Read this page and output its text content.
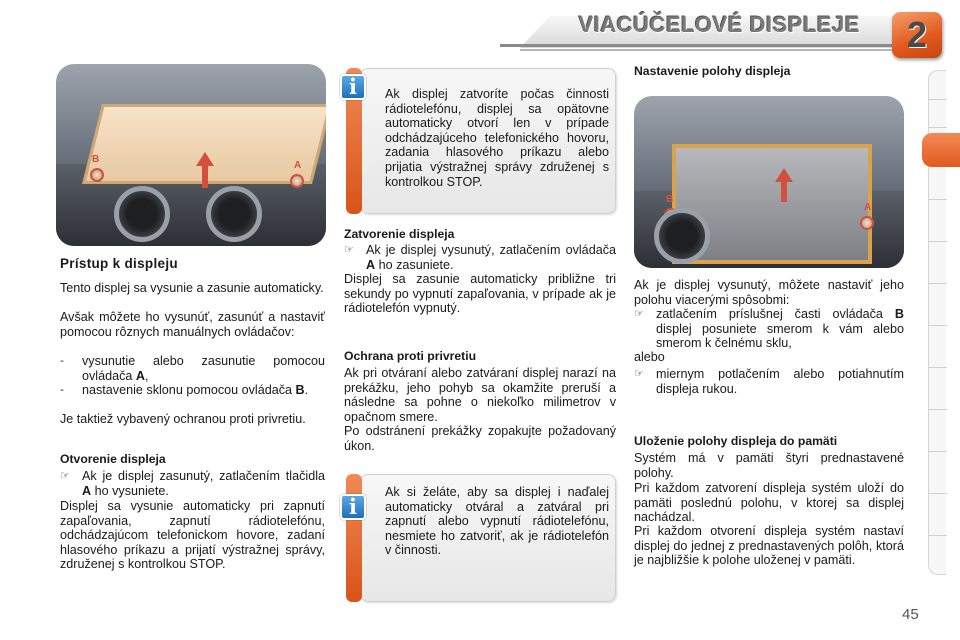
VIACÚČELOVÉ DISPLEJE	2
B
A
B
A
Prístup k displeju
Tento displej sa vysunie a zasunie automaticky.
Avšak môžete ho vysunúť, zasunúť a nastaviť pomocou rôznych manuálnych ovládačov:
-	vysunutie alebo zasunutie pomocou ovládača A,
-	nastavenie sklonu pomocou ovládača B.
Je taktiež vybavený ochranou proti privretiu.
Otvorenie displeja
☞ Ak je displej zasunutý, zatlačením tlačidla A ho vysuniete.
Displej sa vysunie automaticky pri zapnutí zapaľovania, zapnutí rádiotelefónu, odchádzajúcom telefonickom hovore, zadaní hlasového príkazu a prijatí výstražnej správy, združenej s kontrolkou STOP.
Ak displej zatvoríte počas činnosti rádiotelefónu, displej sa opätovne automaticky otvorí len v prípade odchádzajúceho telefonického hovoru, zadania hlasového príkazu alebo prijatia výstražnej správy združenej s kontrolkou STOP.
i
Zatvorenie displeja
☞ Ak je displej vysunutý, zatlačením ovládača A ho zasuniete.
Displej sa zasunie automaticky približne tri sekundy po vypnutí zapaľovania, v prípade ak je rádiotelefón vypnutý.
Ochrana proti privretiu
Ak pri otváraní alebo zatváraní displej narazí na prekážku, jeho pohyb sa okamžite preruší a následne sa pohne o niekoľko milimetrov v opačnom smere.
Po odstránení prekážky zopakujte požadovaný úkon.
Ak si želáte, aby sa displej i naďalej automaticky otváral a zatváral pri zapnutí alebo vypnutí rádiotelefónu, nesmiete ho zatvoriť, ak je rádiotelefón v činnosti.
i
Nastavenie polohy displeja
Ak je displej vysunutý, môžete nastaviť jeho polohu viacerými spôsobmi:
☞ zatlačením príslušnej časti ovládača B displej posuniete smerom k vám alebo smerom k čelnému sklu,
alebo
☞ miernym potlačením alebo potiahnutím displeja rukou.
Uloženie polohy displeja do pamäti
Systém má v pamäti štyri prednastavené polohy.
Pri každom zatvorení displeja systém uloží do pamäti poslednú polohu, v ktorej sa displej nachádzal.
Pri každom otvorení displeja systém nastaví displej do jednej z prednastavených polôh, ktorá je najbližšie k polohe uloženej v pamäti.
45
